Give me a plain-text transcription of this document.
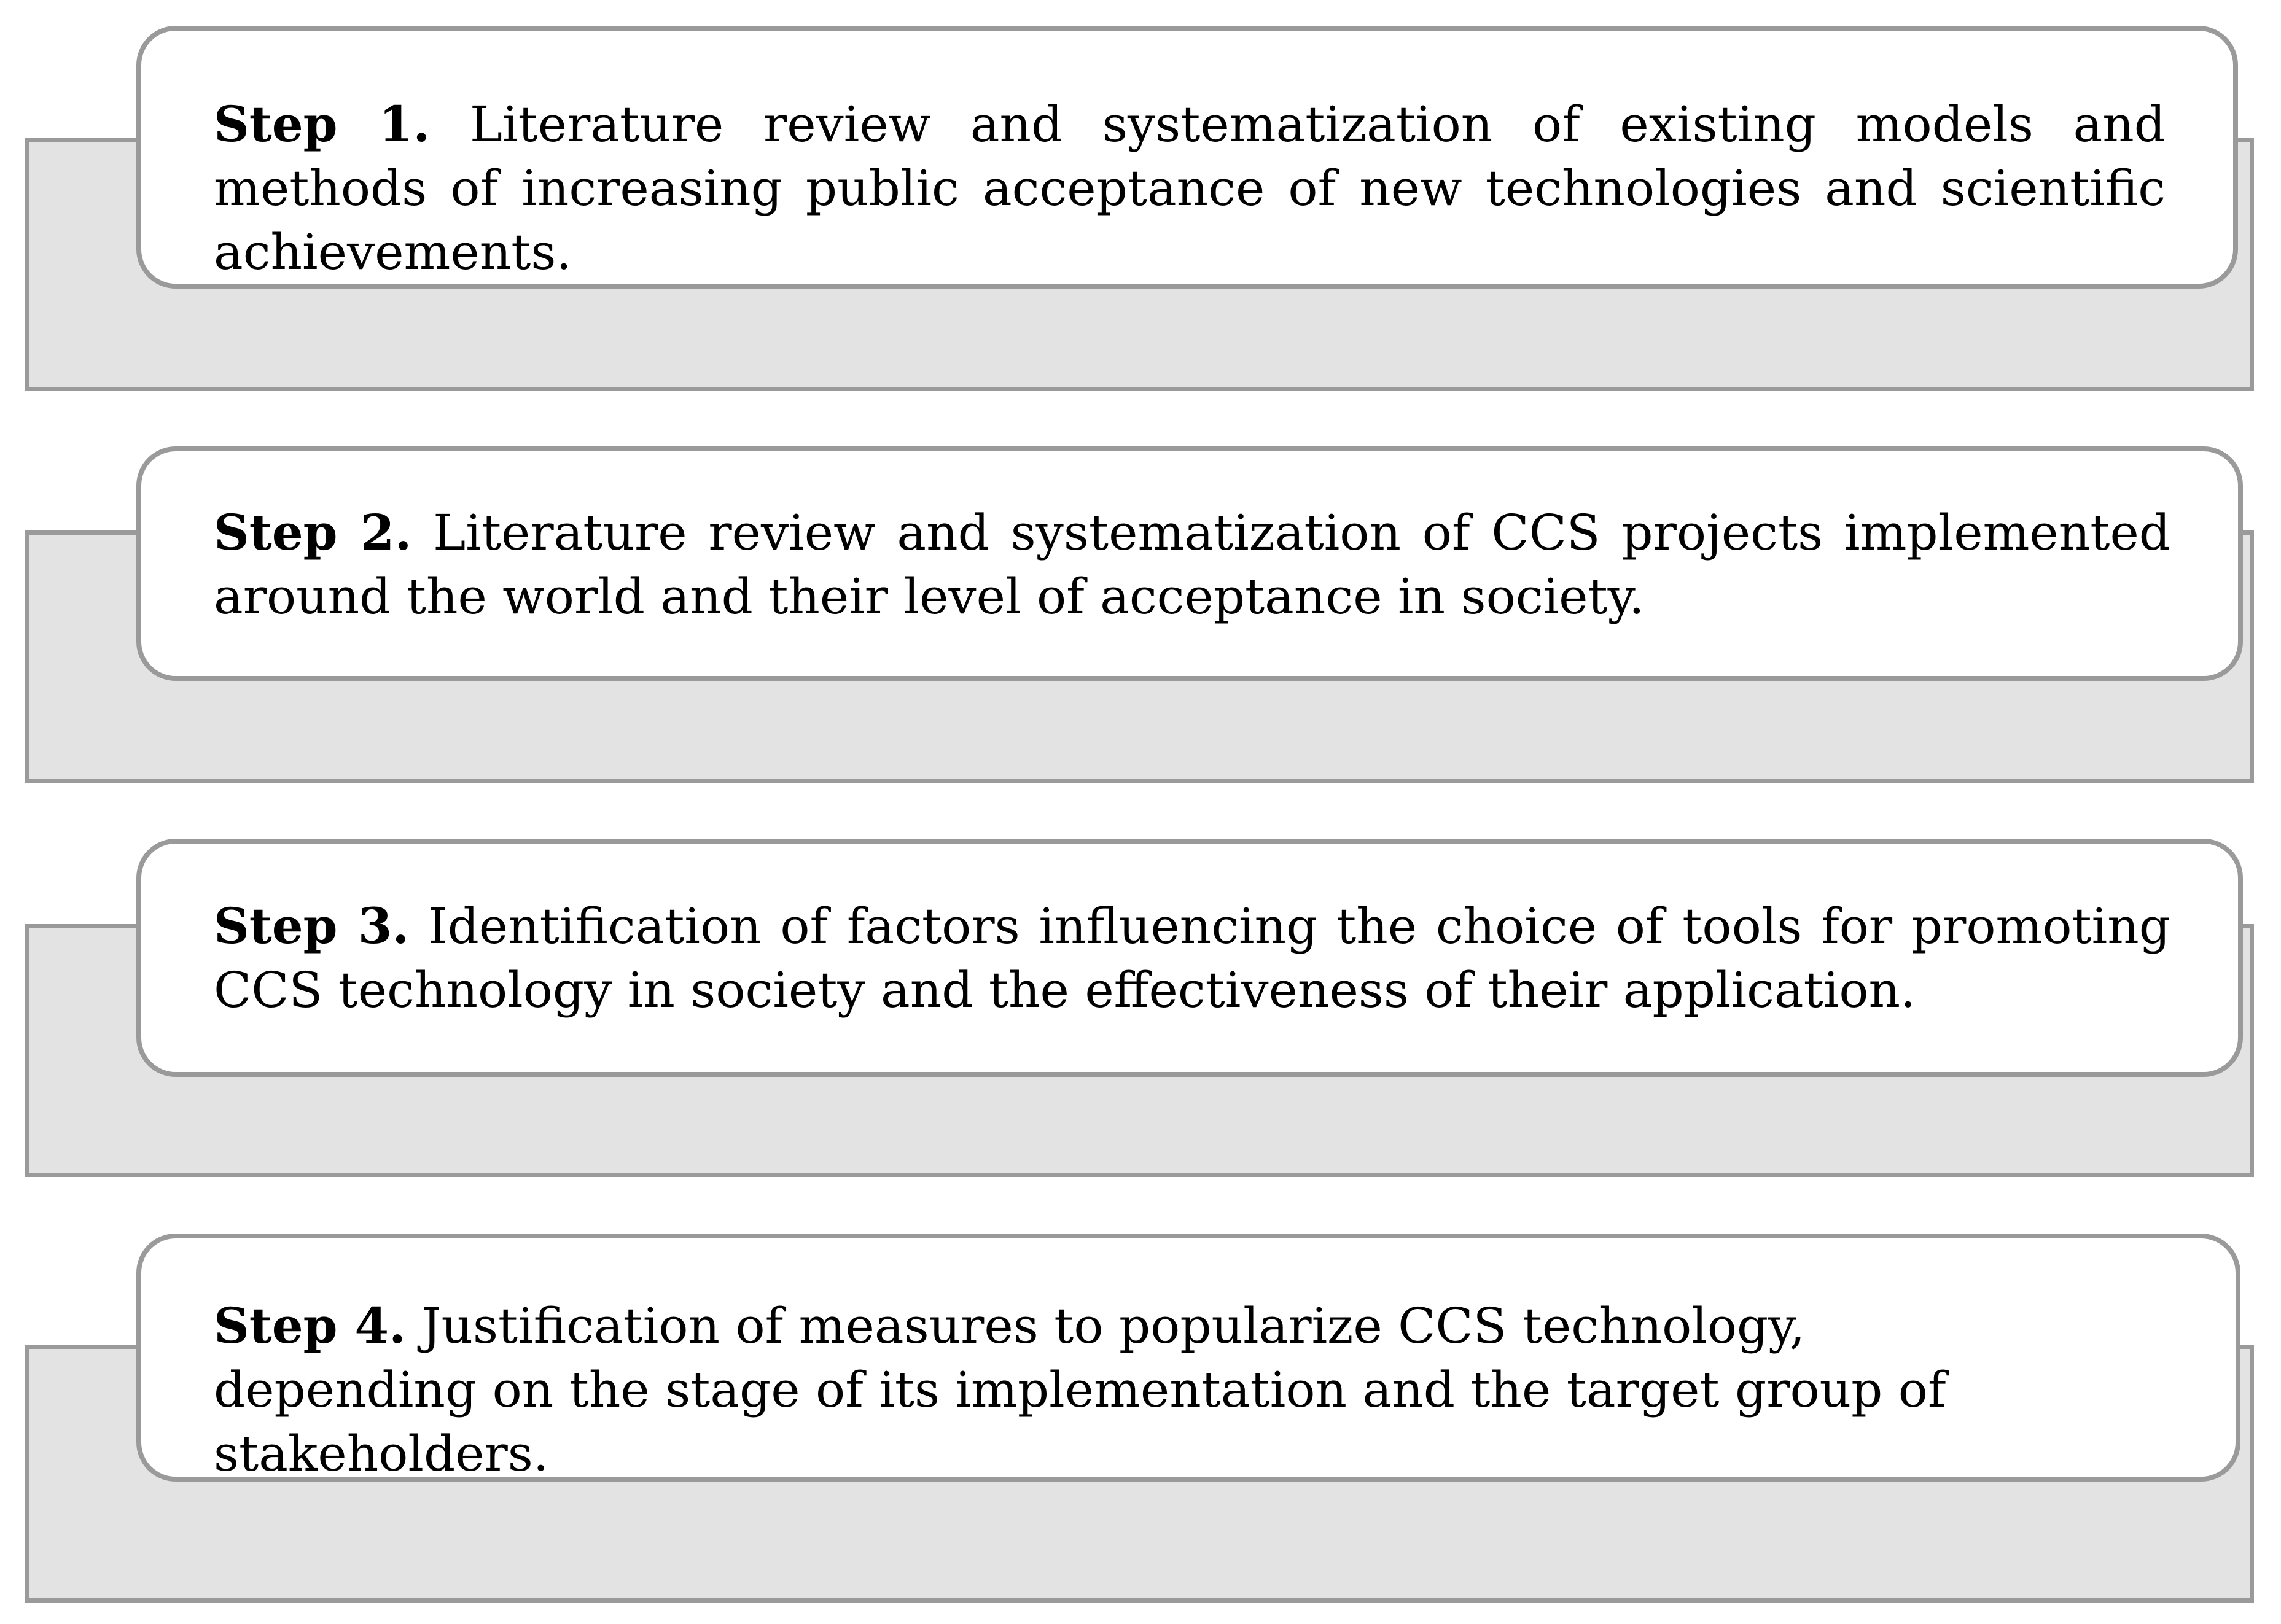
Step 1. Literature review and systematization of existing models and methods of increasing public acceptance of new technologies and scientific achievements.

Step 2. Literature review and systematization of CCS projects implemented around the world and their level of acceptance in society.

Step 3. Identification of factors influencing the choice of tools for promoting CCS technology in society and the effectiveness of their application.

Step 4. Justification of measures to popularize CCS technology, depending on the stage of its implementation and the target group of stakeholders.
